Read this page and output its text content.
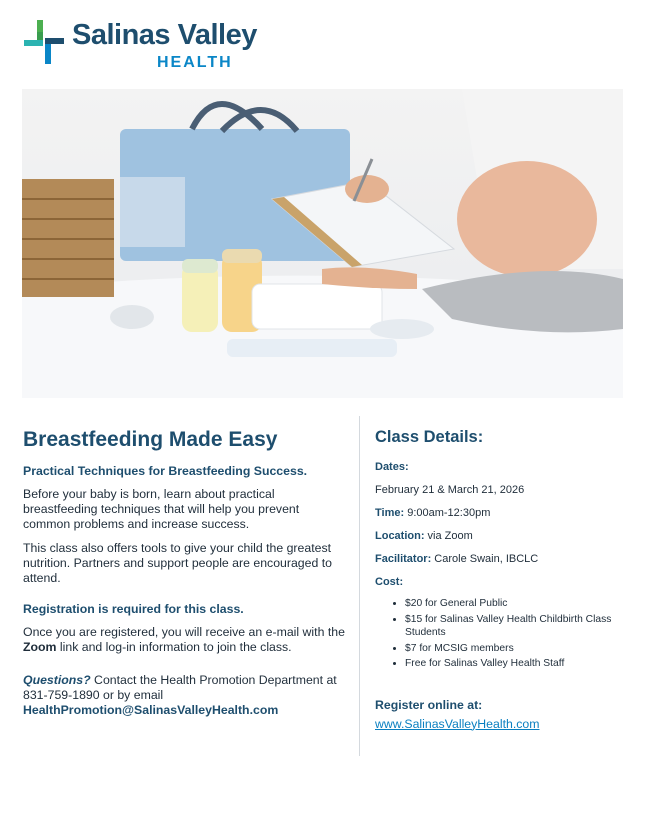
Salinas Valley
HEALTH
Breastfeeding Made Easy
Practical Techniques for Breastfeeding Success.

Before your baby is born, learn about practical breastfeeding techniques that will help you prevent common problems and increase success.

This class also offers tools to give your child the greatest nutrition. Partners and support people are encouraged to attend.

Registration is required for this class.

Once you are registered, you will receive an e-mail with the Zoom link and log-in information to join the class.

Questions? Contact the Health Promotion Department at 831-759-1890 or by email
HealthPromotion@SalinasValleyHealth.com

Class Details:
Dates:
February 21 & March 21, 2026
Time: 9:00am-12:30pm
Location: via Zoom
Facilitator: Carole Swain, IBCLC
Cost:
• $20 for General Public
• $15 for Salinas Valley Health Childbirth Class Students
• $7 for MCSIG members
• Free for Salinas Valley Health Staff
Register online at:
www.SalinasValleyHealth.com
